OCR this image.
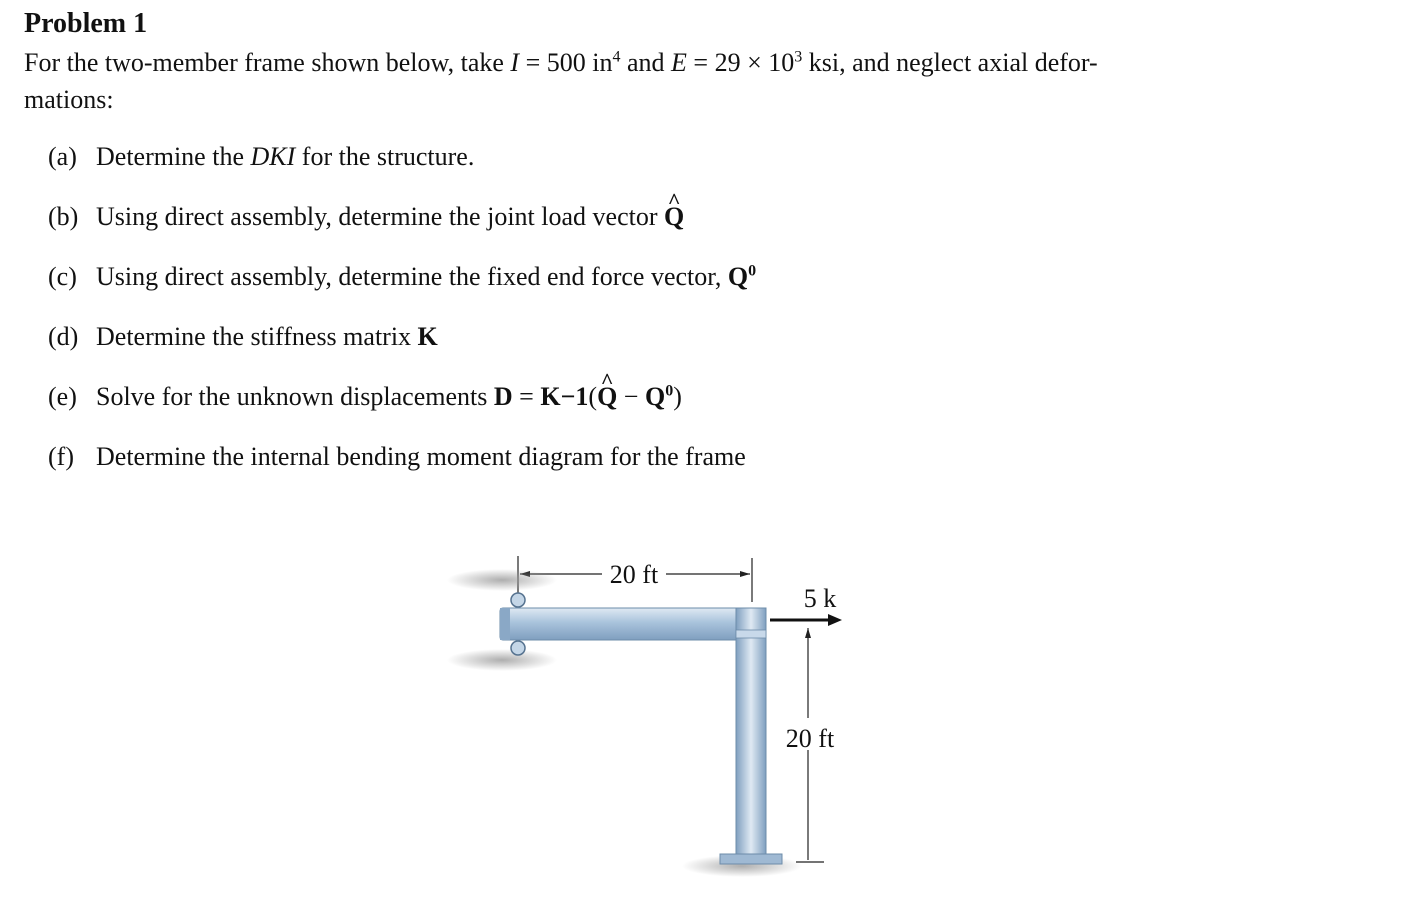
Problem 1

For the two-member frame shown below, take I = 500 $in^4$ and $E = 29 \times 10^3$ ksi, and neglect axial defor-
mations:

(a) Determine the DKI for the structure.
(b) Using direct assembly, determine the joint load vector ^ Q
(c) Using direct assembly, determine the fixed end force vector, $Q^0$
(d) Determine the stiffness matrix K
(e) Solve for the unknown displacements D = K−1(^ $Q - Q^0$)
(f) Determine the internal bending moment diagram for the frame
20 ft
5 k
20 ft
